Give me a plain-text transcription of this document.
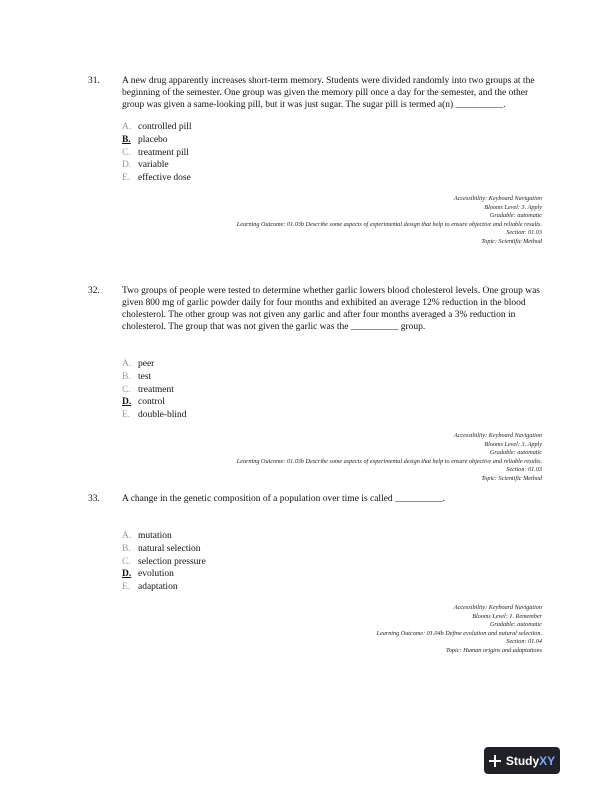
31. A new drug apparently increases short-term memory. Students were divided randomly into two groups at the beginning of the semester. One group was given the memory pill once a day for the semester, and the other group was given a same-looking pill, but it was just sugar. The sugar pill is termed a(n) __________.
A. controlled pill
B. placebo
C. treatment pill
D. variable
E. effective dose
Accessibility: Keyboard Navigation
Blooms Level: 3. Apply
Gradable: automatic
Learning Outcome: 01.03b Describe some aspects of experimental design that help to ensure objective and reliable results.
Section: 01.03
Topic: Scientific Method
32. Two groups of people were tested to determine whether garlic lowers blood cholesterol levels. One group was given 800 mg of garlic powder daily for four months and exhibited an average 12% reduction in the blood cholesterol. The other group was not given any garlic and after four months averaged a 3% reduction in cholesterol. The group that was not given the garlic was the __________ group.
A. peer
B. test
C. treatment
D. control
E. double-blind
Accessibility: Keyboard Navigation
Blooms Level: 3. Apply
Gradable: automatic
Learning Outcome: 01.03b Describe some aspects of experimental design that help to ensure objective and reliable results.
Section: 01.03
Topic: Scientific Method
33. A change in the genetic composition of a population over time is called __________.
A. mutation
B. natural selection
C. selection pressure
D. evolution
E. adaptation
Accessibility: Keyboard Navigation
Blooms Level: 1. Remember
Gradable: automatic
Learning Outcome: 01.04b Define evolution and natural selection.
Section: 01.04
Topic: Human origins and adaptations
Study XY
